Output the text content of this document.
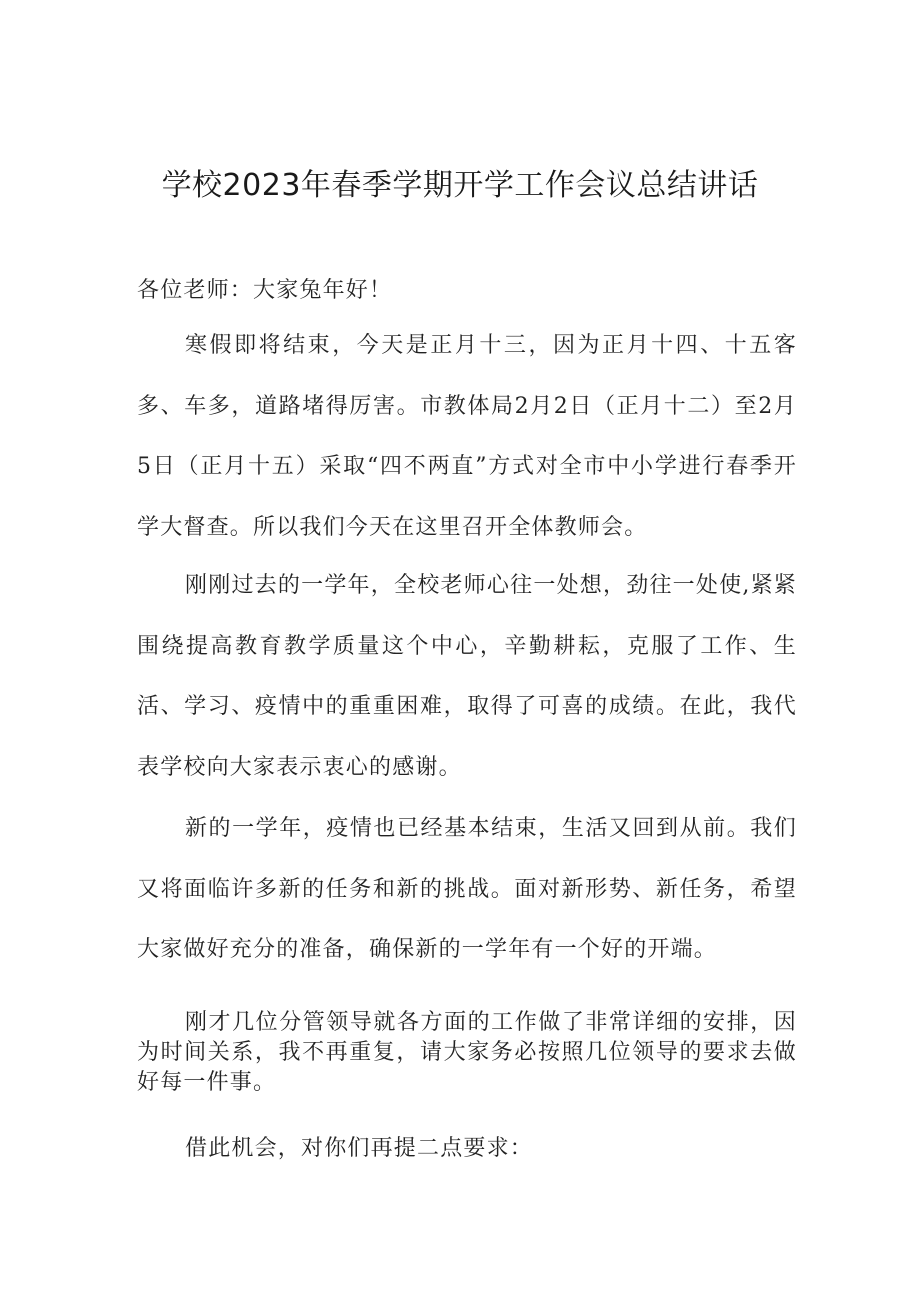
学校2023年春季学期开学工作会议总结讲话

各位老师：大家兔年好！

寒假即将结束，今天是正月十三，因为正月十四、十五客多、车多，道路堵得厉害。市教体局2月2日（正月十二）至2月5日（正月十五）采取“四不两直”方式对全市中小学进行春季开学大督查。所以我们今天在这里召开全体教师会。

刚刚过去的一学年，全校老师心往一处想，劲往一处使,紧紧围绕提高教育教学质量这个中心，辛勤耕耘，克服了工作、生活、学习、疫情中的重重困难，取得了可喜的成绩。在此，我代表学校向大家表示衷心的感谢。

新的一学年，疫情也已经基本结束，生活又回到从前。我们又将面临许多新的任务和新的挑战。面对新形势、新任务，希望大家做好充分的准备，确保新的一学年有一个好的开端。

刚才几位分管领导就各方面的工作做了非常详细的安排，因为时间关系，我不再重复，请大家务必按照几位领导的要求去做好每一件事。

借此机会，对你们再提二点要求：
